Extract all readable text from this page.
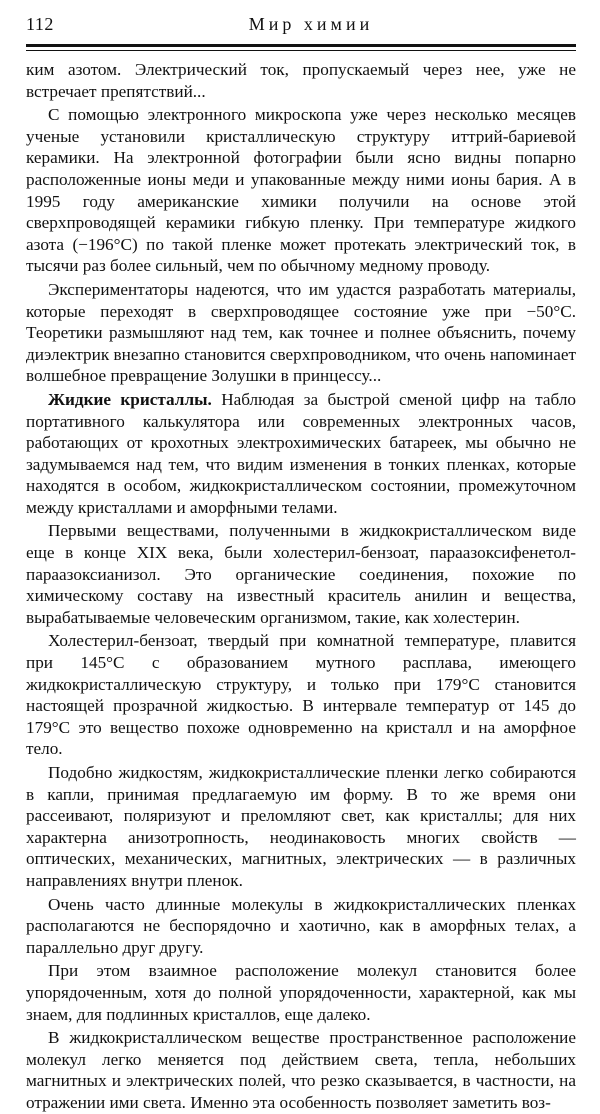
112	Мир химии

ким азотом. Электрический ток, пропускаемый через нее, уже не встречает препятствий...

С помощью электронного микроскопа уже через несколько месяцев ученые установили кристаллическую структуру иттрий-бариевой керамики. На электронной фотографии были ясно видны попарно расположенные ионы меди и упакованные между ними ионы бария. А в 1995 году американские химики получили на основе этой сверхпроводящей керамики гибкую пленку. При температуре жидкого азота (−196°С) по такой пленке может протекать электрический ток, в тысячи раз более сильный, чем по обычному медному проводу.

Экспериментаторы надеются, что им удастся разработать материалы, которые переходят в сверхпроводящее состояние уже при −50°С. Теоретики размышляют над тем, как точнее и полнее объяснить, почему диэлектрик внезапно становится сверхпроводником, что очень напоминает волшебное превращение Золушки в принцессу...

Жидкие кристаллы. Наблюдая за быстрой сменой цифр на табло портативного калькулятора или современных электронных часов, работающих от крохотных электрохимических батареек, мы обычно не задумываемся над тем, что видим изменения в тонких пленках, которые находятся в особом, жидкокристаллическом состоянии, промежуточном между кристаллами и аморфными телами.

Первыми веществами, полученными в жидкокристаллическом виде еще в конце XIX века, были холестерил-бензоат, параазоксифенетол-параазоксианизол. Это органические соединения, похожие по химическому составу на известный краситель анилин и вещества, вырабатываемые человеческим организмом, такие, как холестерин.

Холестерил-бензоат, твердый при комнатной температуре, плавится при 145°С с образованием мутного расплава, имеющего жидкокристаллическую структуру, и только при 179°С становится настоящей прозрачной жидкостью. В интервале температур от 145 до 179°С это вещество похоже одновременно на кристалл и на аморфное тело.

Подобно жидкостям, жидкокристаллические пленки легко собираются в капли, принимая предлагаемую им форму. В то же время они рассеивают, поляризуют и преломляют свет, как кристаллы; для них характерна анизотропность, неодинаковость многих свойств — оптических, механических, магнитных, электрических — в различных направлениях внутри пленок.

Очень часто длинные молекулы в жидкокристаллических пленках располагаются не беспорядочно и хаотично, как в аморфных телах, а параллельно друг другу.

При этом взаимное расположение молекул становится более упорядоченным, хотя до полной упорядоченности, характерной, как мы знаем, для подлинных кристаллов, еще далеко.

В жидкокристаллическом веществе пространственное расположение молекул легко меняется под действием света, тепла, небольших магнитных и электрических полей, что резко сказывается, в частности, на отражении ими света. Именно эта особенность позволяет заметить воз-
